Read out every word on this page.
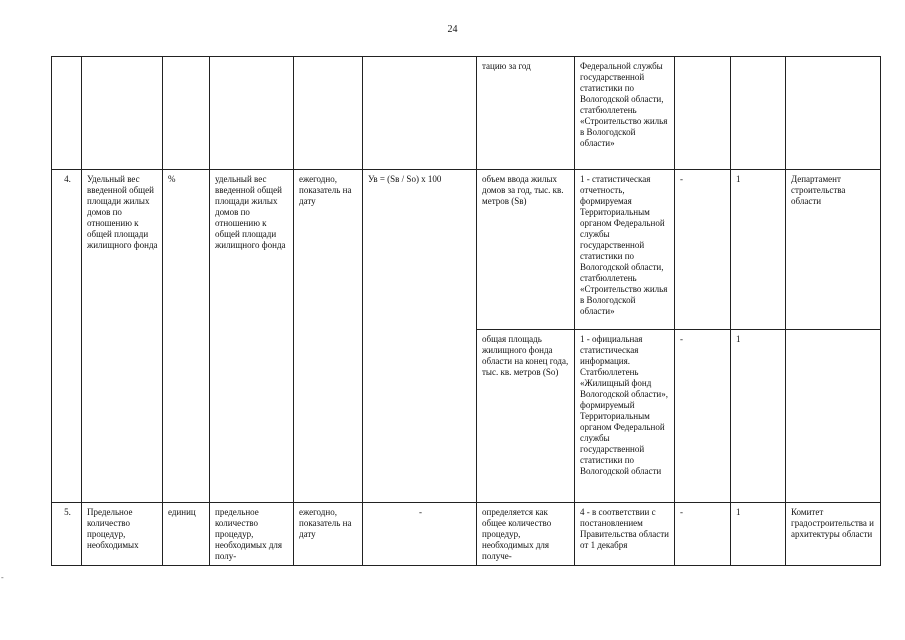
24
						тацию за год	Федеральной службы государственной статистики по Вологодской области, статбюллетень «Строительство жилья в Вологодской области»			
4.	Удельный вес введенной общей площади жилых домов по отношению к общей площади жилищного фонда	%	удельный вес введенной общей площади жилых домов по отношению к общей площади жилищного фонда	ежегодно, показатель на дату	Ув = (Sв / So) x 100	объем ввода жилых домов за год, тыс. кв. метров (Sв)	1 - статистическая отчетность, формируемая Территориальным органом Федеральной службы государственной статистики по Вологодской области, статбюллетень «Строительство жилья в Вологодской области»	-	1	Департамент строительства области
						общая площадь жилищного фонда области на конец года, тыс. кв. метров (So)	1 - официальная статистическая информация. Статбюллетень «Жилищный фонд Вологодской области», формируемый Территориальным органом Федеральной службы государственной статистики по Вологодской области	-	1	
5.	Предельное количество процедур, необходимых	единиц	предельное количество процедур, необходимых для полу-	ежегодно, показатель на дату	-	определяется как общее количество процедур, необходимых для получе-	4 - в соответствии с постановлением Правительства области от 1 декабря	-	1	Комитет градостроительства и архитектуры области
-
